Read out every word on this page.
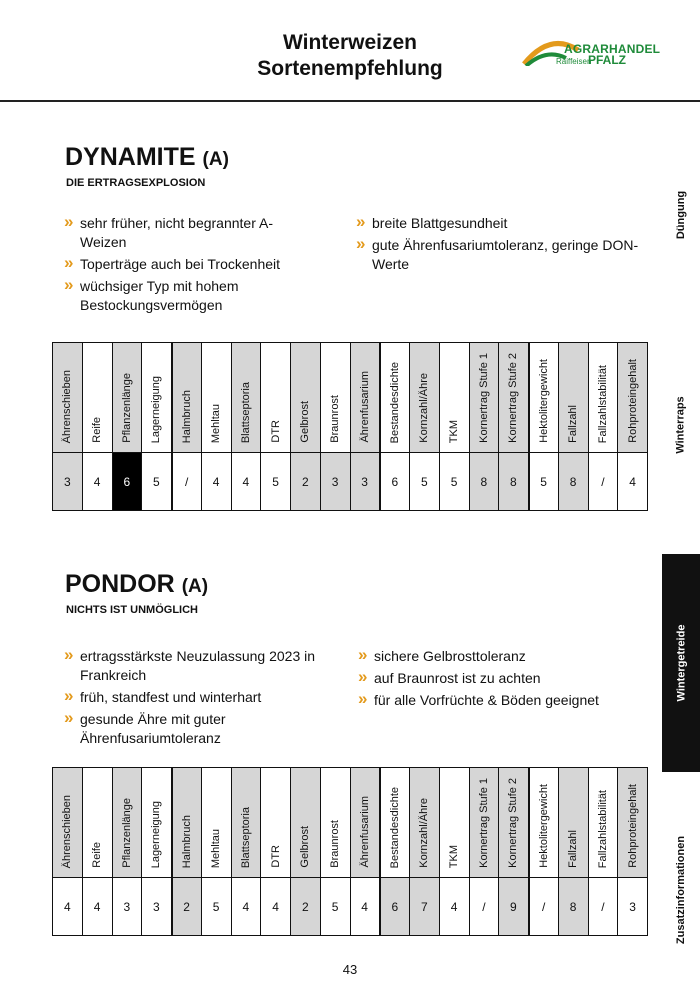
Winterweizen
Sortenempfehlung
AGRARHANDEL
Raiffeisen
PFALZ
Düngung
Winterraps
Wintergetreide
Zusatzinformationen
DYNAMITE (A)
DIE ERTRAGSEXPLOSION
» sehr früher, nicht begrannter A-Weizen
» Toperträge auch bei Trockenheit
» wüchsiger Typ mit hohem Bestockungsvermögen
» breite Blattgesundheit
» gute Ährenfusariumtoleranz, geringe DON-Werte
Ährenschieben	Reife	Pflanzenlänge	Lagerneigung	Halmbruch	Mehltau	Blattseptoria	DTR	Gelbrost	Braunrost	Ährenfusarium	Bestandesdichte	Kornzahl/Ähre	TKM	Kornertrag Stufe 1	Kornertrag Stufe 2	Hektolitergewicht	Fallzahl	Fallzahlstabilität	Rohproteingehalt
3	4	6	5	/	4	4	5	2	3	3	6	5	5	8	8	5	8	/	4
PONDOR (A)
NICHTS IST UNMÖGLICH
» ertragsstärkste Neuzulassung 2023 in Frankreich
» früh, standfest und winterhart
» gesunde Ähre mit guter Ährenfusariumtoleranz
» sichere Gelbrosttoleranz
» auf Braunrost ist zu achten
» für alle Vorfrüchte & Böden geeignet
Ährenschieben	Reife	Pflanzenlänge	Lagerneigung	Halmbruch	Mehltau	Blattseptoria	DTR	Gelbrost	Braunrost	Ährenfusarium	Bestandesdichte	Kornzahl/Ähre	TKM	Kornertrag Stufe 1	Kornertrag Stufe 2	Hektolitergewicht	Fallzahl	Fallzahlstabilität	Rohproteingehalt
4	4	3	3	2	5	4	4	2	5	4	6	7	4	/	9	/	8	/	3
43
